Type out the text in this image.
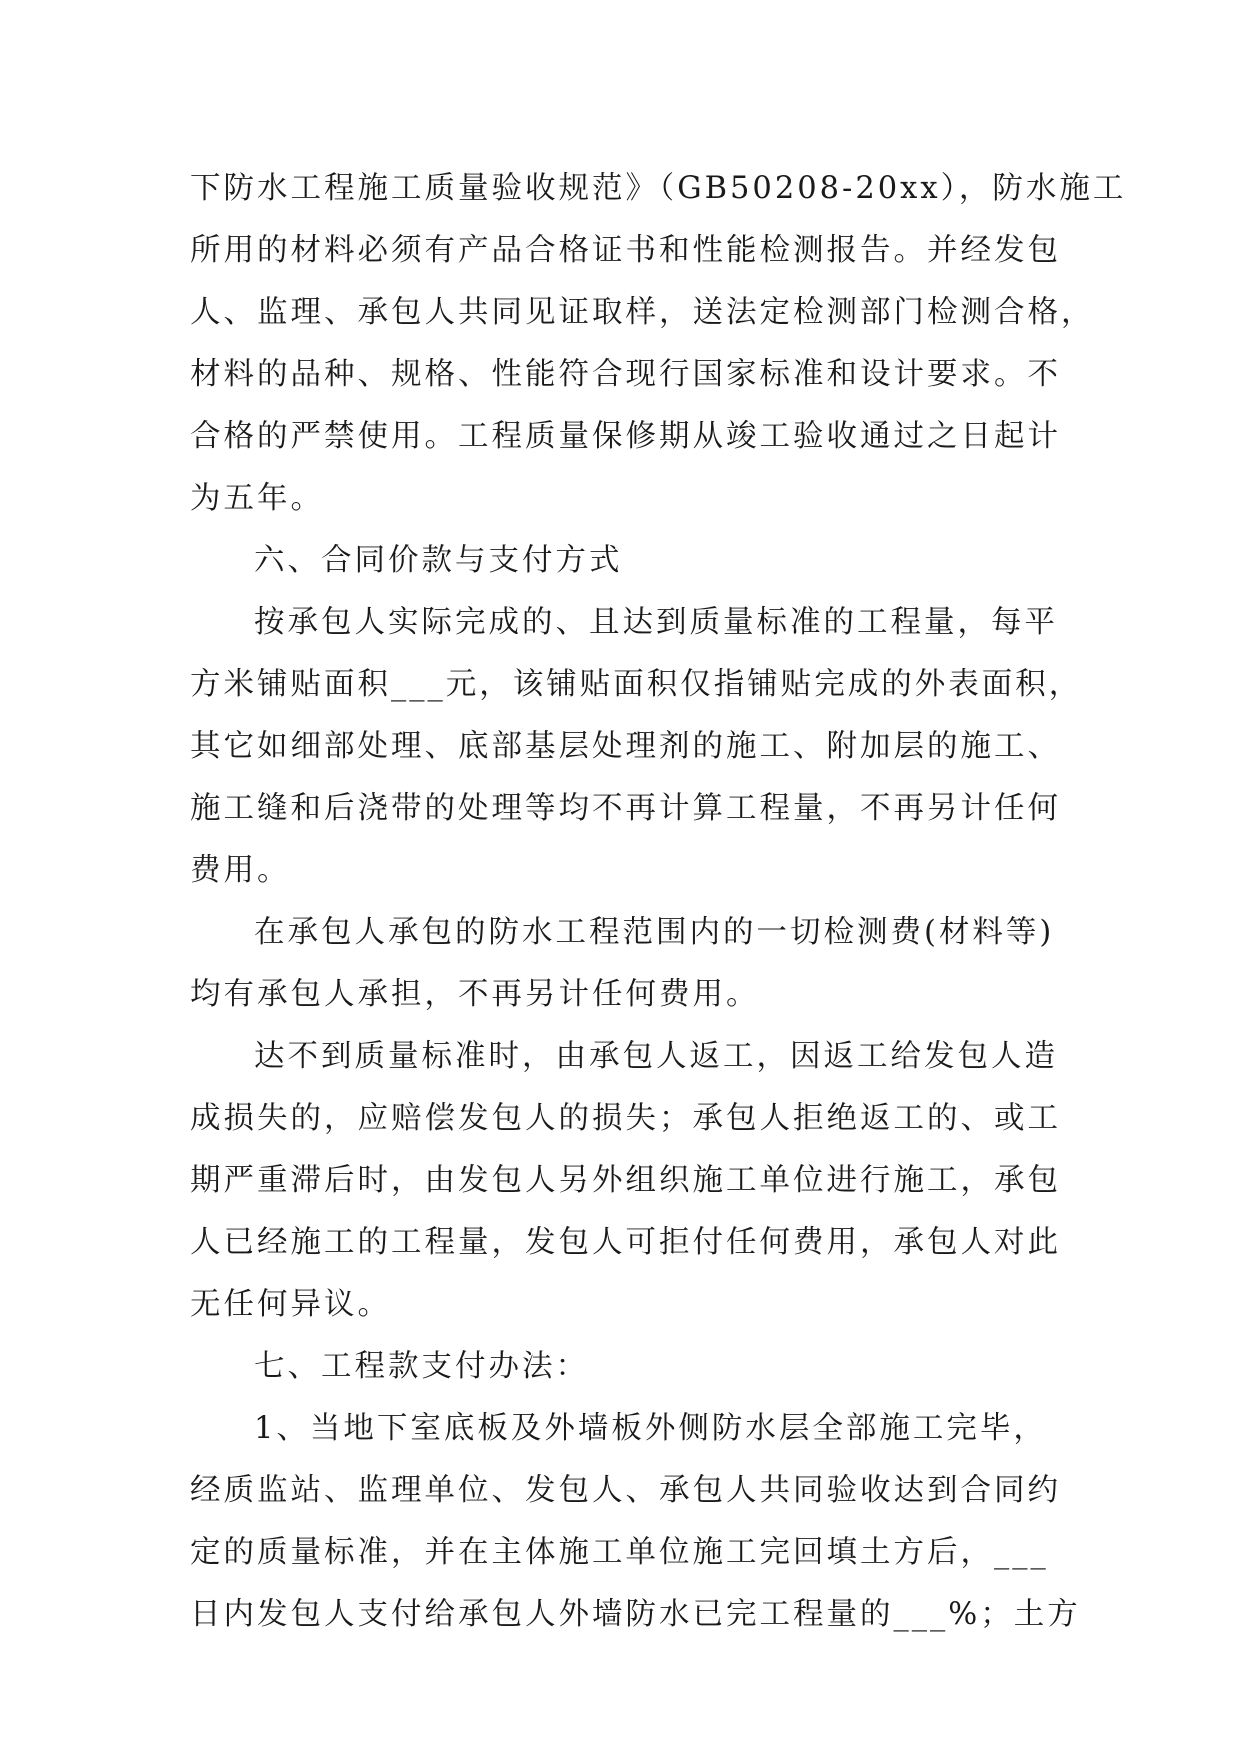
下防水工程施工质量验收规范》（GB50208-20xx），防水施工
所用的材料必须有产品合格证书和性能检测报告。并经发包
人、监理、承包人共同见证取样，送法定检测部门检测合格，
材料的品种、规格、性能符合现行国家标准和设计要求。不
合格的严禁使用。工程质量保修期从竣工验收通过之日起计
为五年。
六、合同价款与支付方式
按承包人实际完成的、且达到质量标准的工程量，每平
方米铺贴面积___元，该铺贴面积仅指铺贴完成的外表面积，
其它如细部处理、底部基层处理剂的施工、附加层的施工、
施工缝和后浇带的处理等均不再计算工程量，不再另计任何
费用。
在承包人承包的防水工程范围内的一切检测费(材料等)
均有承包人承担，不再另计任何费用。
达不到质量标准时，由承包人返工，因返工给发包人造
成损失的，应赔偿发包人的损失；承包人拒绝返工的、或工
期严重滞后时，由发包人另外组织施工单位进行施工，承包
人已经施工的工程量，发包人可拒付任何费用，承包人对此
无任何异议。
七、工程款支付办法：
1、当地下室底板及外墙板外侧防水层全部施工完毕，
经质监站、监理单位、发包人、承包人共同验收达到合同约
定的质量标准，并在主体施工单位施工完回填土方后，___
日内发包人支付给承包人外墙防水已完工程量的___%；土方
